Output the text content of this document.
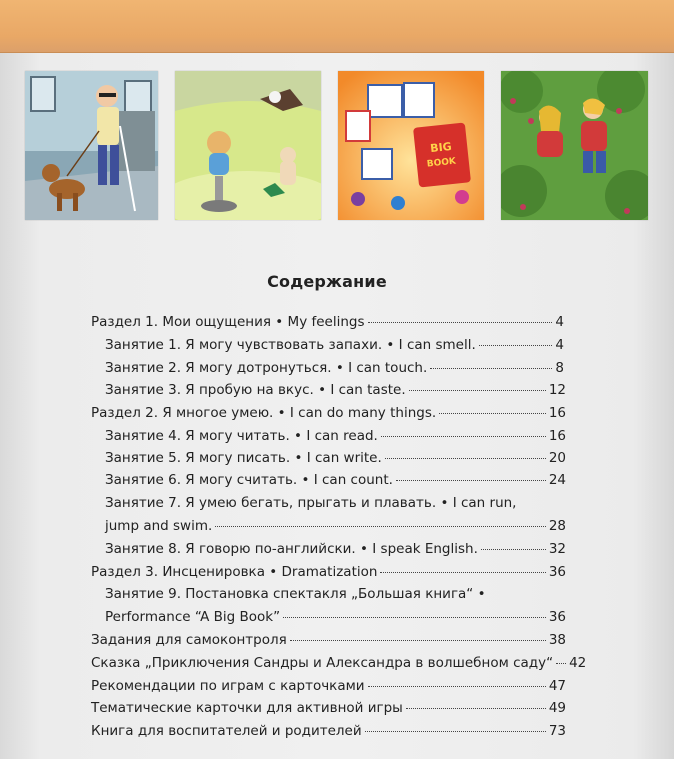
BIG
BOOK
Содержание
Раздел 1. Мои ощущения • My feelings	4
Занятие 1. Я могу чувствовать запахи. • I can smell.	4
Занятие 2. Я могу дотронуться. • I can touch.	8
Занятие 3. Я пробую на вкус. • I can taste.	12
Раздел 2. Я многое умею. • I can do many things.	16
Занятие 4. Я могу читать. • I can read.	16
Занятие 5. Я могу писать. • I can write.	20
Занятие 6. Я могу считать. • I can count.	24
Занятие 7. Я умею бегать, прыгать и плавать. • I can run,
jump and swim.	28
Занятие 8. Я говорю по-английски. • I speak English.	32
Раздел 3. Инсценировка • Dramatization	36
Занятие 9. Постановка спектакля „Большая книга“ •
Performance “A Big Book”	36
Задания для самоконтроля	38
Сказка „Приключения Сандры и Александра в волшебном саду“ 42
Рекомендации по играм с карточками	47
Тематические карточки для активной игры	49
Книга для воспитателей и родителей	73
